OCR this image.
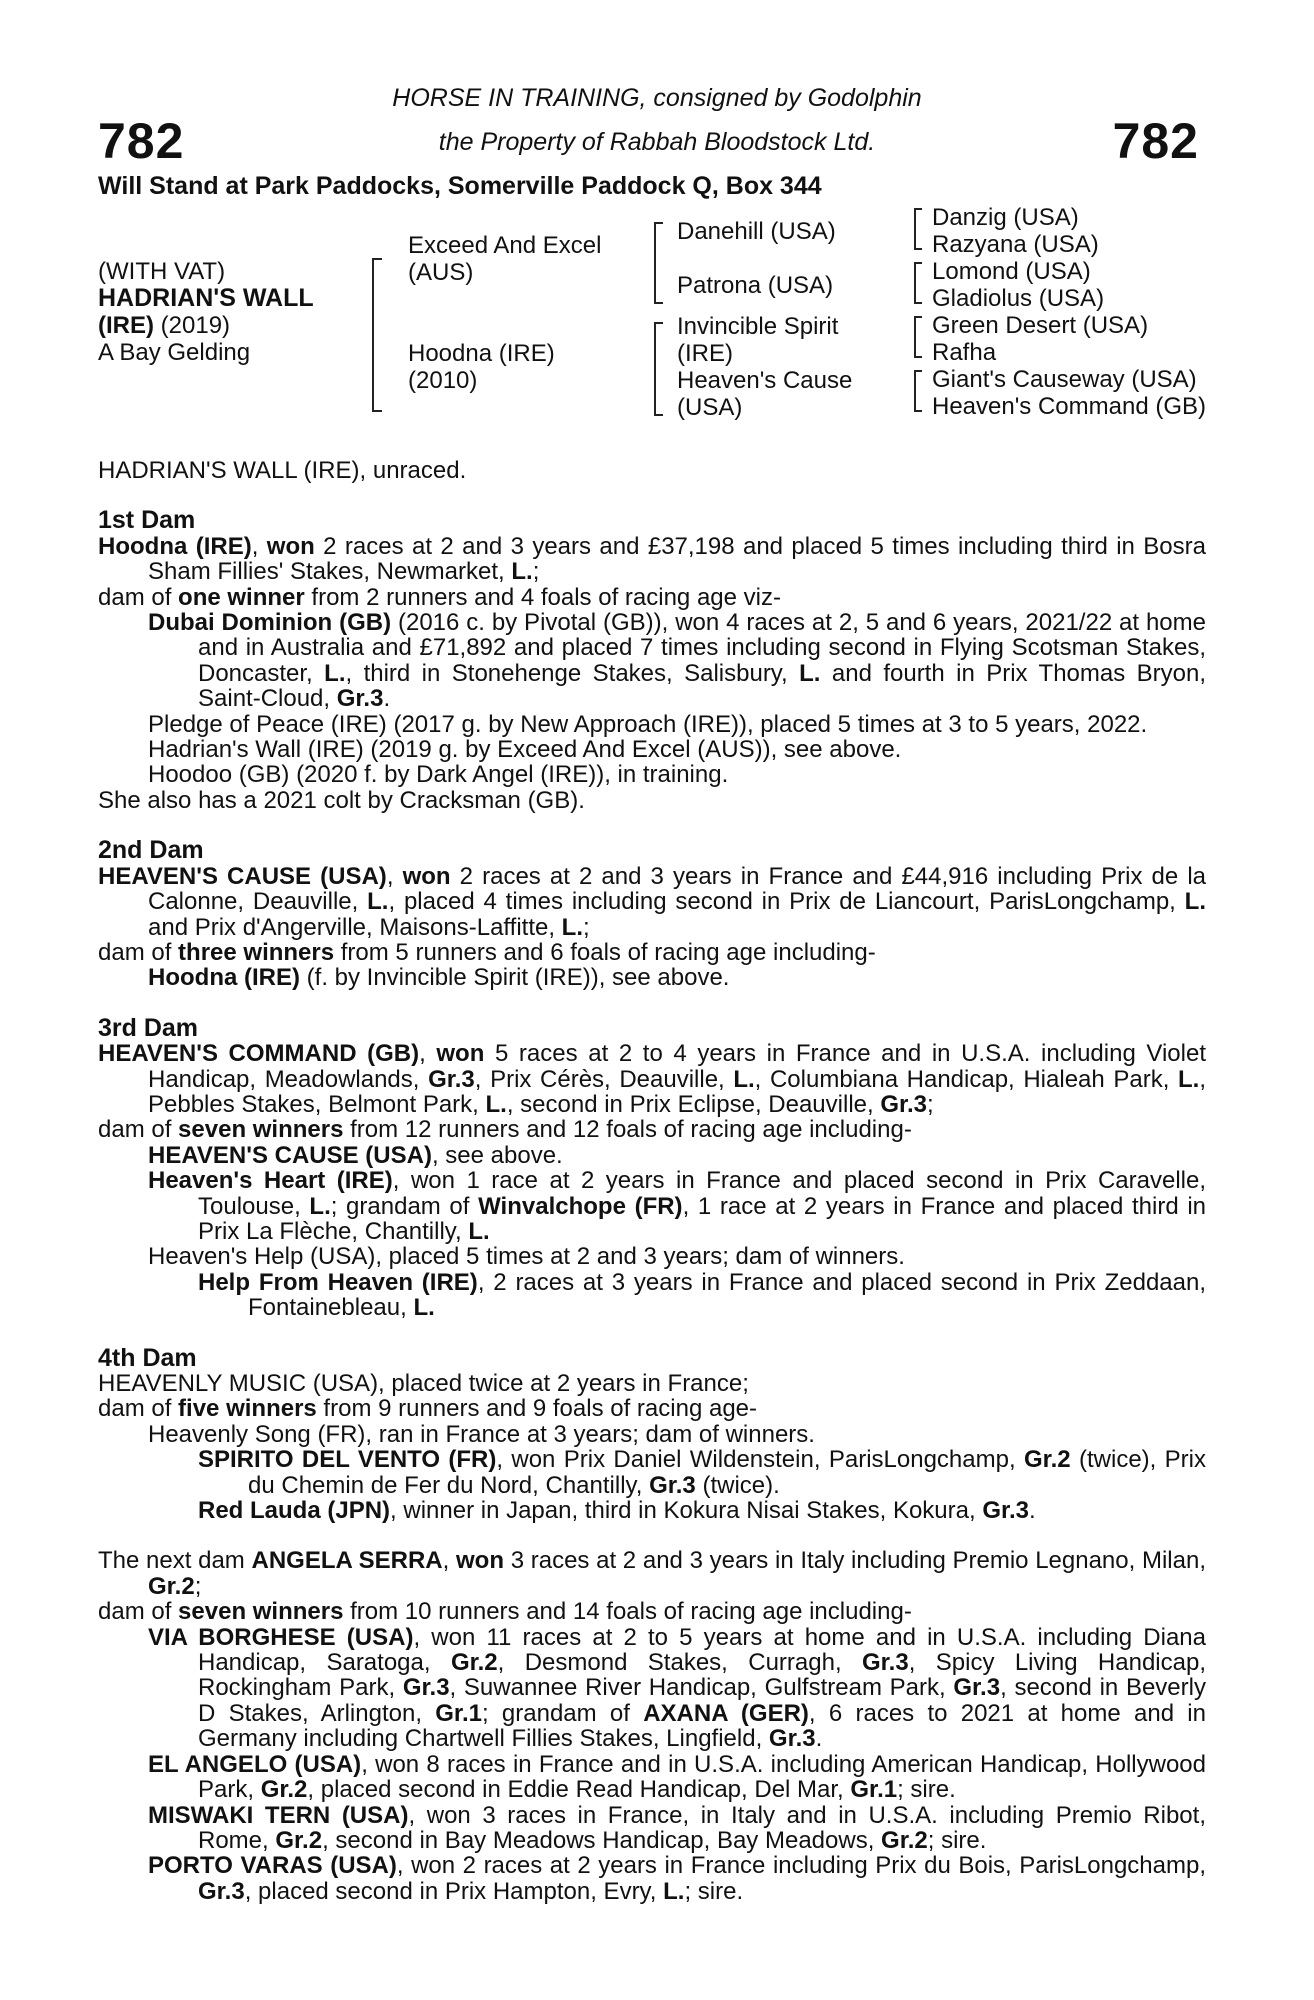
782	782
HORSE IN TRAINING, consigned by Godolphin
the Property of Rabbah Bloodstock Ltd.
Will Stand at Park Paddocks, Somerville Paddock Q, Box 344
(WITH VAT)
HADRIAN'S WALL
(IRE) (2019)
A Bay Gelding
Exceed And Excel
(AUS)
Hoodna (IRE)
(2010)
Danehill (USA)
Patrona (USA)
Invincible Spirit
(IRE)
Heaven's Cause
(USA)
Danzig (USA)
Razyana (USA)
Lomond (USA)
Gladiolus (USA)
Green Desert (USA)
Rafha
Giant's Causeway (USA)
Heaven's Command (GB)

HADRIAN'S WALL (IRE), unraced.

1st Dam

Hoodna (IRE), won 2 races at 2 and 3 years and £37,198 and placed 5 times including third in Bosra Sham Fillies' Stakes, Newmarket, L.;

dam of one winner from 2 runners and 4 foals of racing age viz-

Dubai Dominion (GB) (2016 c. by Pivotal (GB)), won 4 races at 2, 5 and 6 years, 2021/22 at home and in Australia and £71,892 and placed 7 times including second in Flying Scotsman Stakes, Doncaster, L., third in Stonehenge Stakes, Salisbury, L. and fourth in Prix Thomas Bryon, Saint-Cloud, Gr.3.

Pledge of Peace (IRE) (2017 g. by New Approach (IRE)), placed 5 times at 3 to 5 years, 2022.

Hadrian's Wall (IRE) (2019 g. by Exceed And Excel (AUS)), see above.

Hoodoo (GB) (2020 f. by Dark Angel (IRE)), in training.

She also has a 2021 colt by Cracksman (GB).

2nd Dam

HEAVEN'S CAUSE (USA), won 2 races at 2 and 3 years in France and £44,916 including Prix de la Calonne, Deauville, L., placed 4 times including second in Prix de Liancourt, ParisLongchamp, L. and Prix d'Angerville, Maisons-Laffitte, L.;

dam of three winners from 5 runners and 6 foals of racing age including-

Hoodna (IRE) (f. by Invincible Spirit (IRE)), see above.

3rd Dam

HEAVEN'S COMMAND (GB), won 5 races at 2 to 4 years in France and in U.S.A. including Violet Handicap, Meadowlands, Gr.3, Prix Cérès, Deauville, L., Columbiana Handicap, Hialeah Park, L., Pebbles Stakes, Belmont Park, L., second in Prix Eclipse, Deauville, Gr.3;

dam of seven winners from 12 runners and 12 foals of racing age including-

HEAVEN'S CAUSE (USA), see above.

Heaven's Heart (IRE), won 1 race at 2 years in France and placed second in Prix Caravelle, Toulouse, L.; grandam of Winvalchope (FR), 1 race at 2 years in France and placed third in Prix La Flèche, Chantilly, L.

Heaven's Help (USA), placed 5 times at 2 and 3 years; dam of winners.

Help From Heaven (IRE), 2 races at 3 years in France and placed second in Prix Zeddaan, Fontainebleau, L.

4th Dam

HEAVENLY MUSIC (USA), placed twice at 2 years in France;

dam of five winners from 9 runners and 9 foals of racing age-

Heavenly Song (FR), ran in France at 3 years; dam of winners.

SPIRITO DEL VENTO (FR), won Prix Daniel Wildenstein, ParisLongchamp, Gr.2 (twice), Prix du Chemin de Fer du Nord, Chantilly, Gr.3 (twice).

Red Lauda (JPN), winner in Japan, third in Kokura Nisai Stakes, Kokura, Gr.3.

The next dam ANGELA SERRA, won 3 races at 2 and 3 years in Italy including Premio Legnano, Milan, Gr.2;

dam of seven winners from 10 runners and 14 foals of racing age including-

VIA BORGHESE (USA), won 11 races at 2 to 5 years at home and in U.S.A. including Diana Handicap, Saratoga, Gr.2, Desmond Stakes, Curragh, Gr.3, Spicy Living Handicap, Rockingham Park, Gr.3, Suwannee River Handicap, Gulfstream Park, Gr.3, second in Beverly D Stakes, Arlington, Gr.1; grandam of AXANA (GER), 6 races to 2021 at home and in Germany including Chartwell Fillies Stakes, Lingfield, Gr.3.

EL ANGELO (USA), won 8 races in France and in U.S.A. including American Handicap, Hollywood Park, Gr.2, placed second in Eddie Read Handicap, Del Mar, Gr.1; sire.

MISWAKI TERN (USA), won 3 races in France, in Italy and in U.S.A. including Premio Ribot, Rome, Gr.2, second in Bay Meadows Handicap, Bay Meadows, Gr.2; sire.

PORTO VARAS (USA), won 2 races at 2 years in France including Prix du Bois, ParisLongchamp, Gr.3, placed second in Prix Hampton, Evry, L.; sire.
